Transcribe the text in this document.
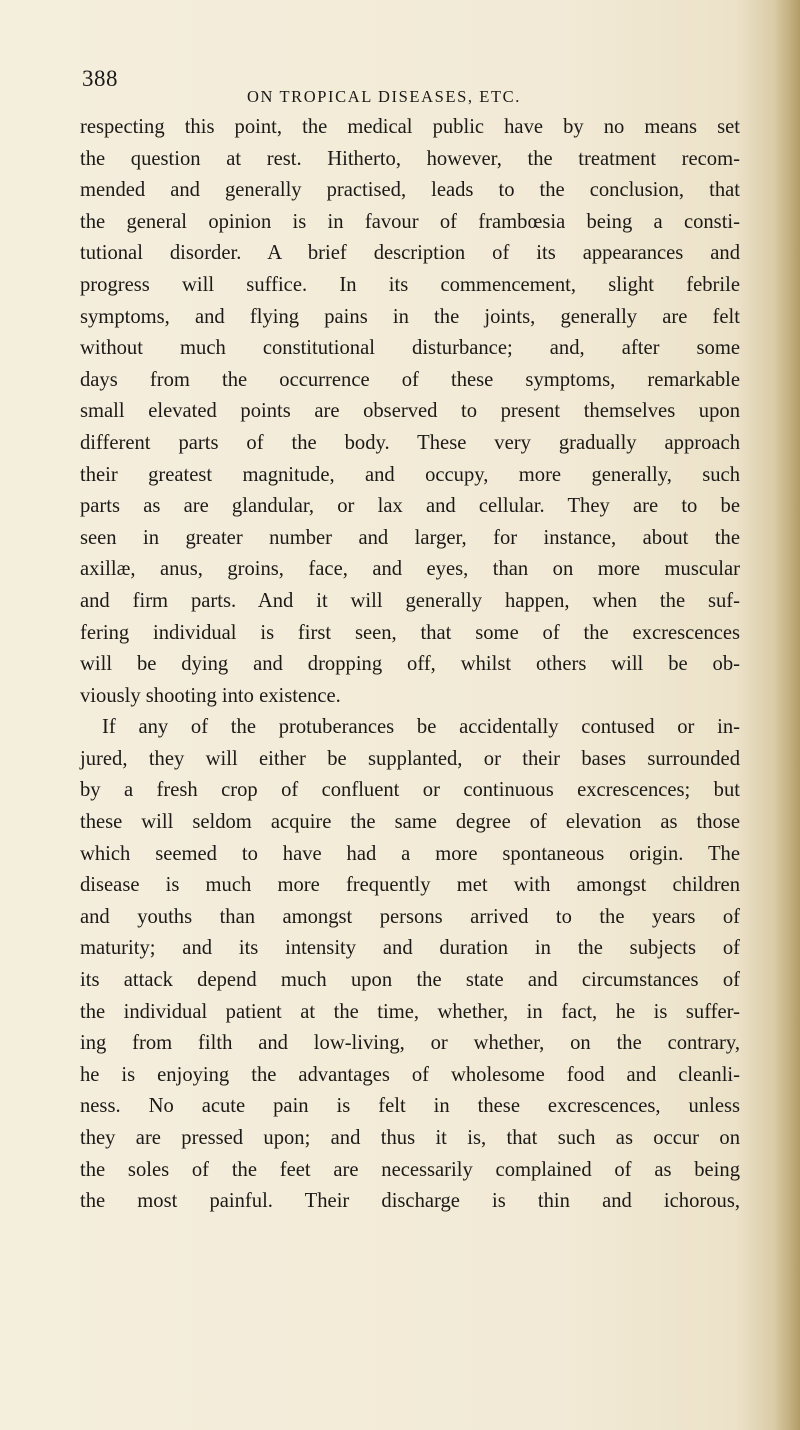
388
ON TROPICAL DISEASES, ETC.
respecting this point, the medical public have by no means set
the question at rest. Hitherto, however, the treatment recom-
mended and generally practised, leads to the conclusion, that
the general opinion is in favour of frambœsia being a consti-
tutional disorder. A brief description of its appearances and
progress will suffice. In its commencement, slight febrile
symptoms, and flying pains in the joints, generally are felt
without much constitutional disturbance; and, after some
days from the occurrence of these symptoms, remarkable
small elevated points are observed to present themselves upon
different parts of the body. These very gradually approach
their greatest magnitude, and occupy, more generally, such
parts as are glandular, or lax and cellular. They are to be
seen in greater number and larger, for instance, about the
axillæ, anus, groins, face, and eyes, than on more muscular
and firm parts. And it will generally happen, when the suf-
fering individual is first seen, that some of the excrescences
will be dying and dropping off, whilst others will be ob-
viously shooting into existence.
If any of the protuberances be accidentally contused or in-
jured, they will either be supplanted, or their bases surrounded
by a fresh crop of confluent or continuous excrescences; but
these will seldom acquire the same degree of elevation as those
which seemed to have had a more spontaneous origin. The
disease is much more frequently met with amongst children
and youths than amongst persons arrived to the years of
maturity; and its intensity and duration in the subjects of
its attack depend much upon the state and circumstances of
the individual patient at the time, whether, in fact, he is suffer-
ing from filth and low-living, or whether, on the contrary,
he is enjoying the advantages of wholesome food and cleanli-
ness. No acute pain is felt in these excrescences, unless
they are pressed upon; and thus it is, that such as occur on
the soles of the feet are necessarily complained of as being
the most painful. Their discharge is thin and ichorous,
